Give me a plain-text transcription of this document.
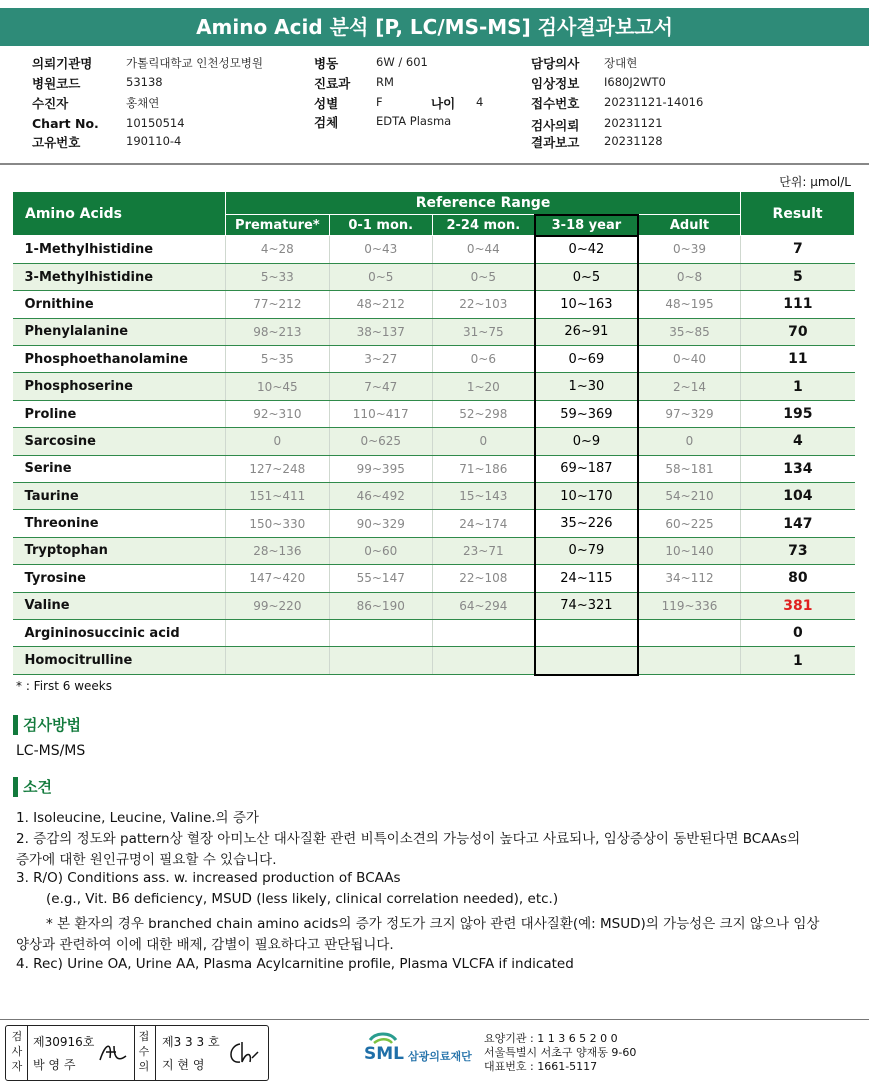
Amino Acid 분석 [P, LC/MS-MS] 검사결과보고서
의뢰기관명	가톨릭대학교 인천성모병원
병원코드	53138
수진자	홍채연
Chart No. 10150514
고유번호	190110-4
병동	6W / 601
진료과 RM
성별	F	나이 4
검체	EDTA Plasma
담당의사 장대현
임상정보 I680J2WT0
접수번호 20231121-14016
검사의뢰 20231121
결과보고 20231128
단위: µmol/L
Amino Acids	Reference Range					Result
	Premature*	0-1 mon.	2-24 mon.	3-18 year	Adult	
1-Methylhistidine	4~28	0~43	0~44	0~42	0~39	7
3-Methylhistidine	5~33	0~5	0~5	0~5	0~8	5
Ornithine	77~212	48~212	22~103	10~163	48~195	111
Phenylalanine	98~213	38~137	31~75	26~91	35~85	70
Phosphoethanolamine	5~35	3~27	0~6	0~69	0~40	11
Phosphoserine	10~45	7~47	1~20	1~30	2~14	1
Proline	92~310	110~417	52~298	59~369	97~329	195
Sarcosine	0	0~625	0	0~9	0	4
Serine	127~248	99~395	71~186	69~187	58~181	134
Taurine	151~411	46~492	15~143	10~170	54~210	104
Threonine	150~330	90~329	24~174	35~226	60~225	147
Tryptophan	28~136	0~60	23~71	0~79	10~140	73
Tyrosine	147~420	55~147	22~108	24~115	34~112	80
Valine	99~220	86~190	64~294	74~321	119~336	381
Argininosuccinic acid						0
Homocitrulline						1
* : First 6 weeks
검사방법
LC-MS/MS
소견
1. Isoleucine, Leucine, Valine.의 증가
2. 증감의 정도와 pattern상 혈장 아미노산 대사질환 관련 비특이소견의 가능성이 높다고 사료되나, 임상증상이 동반된다면 BCAAs의
증가에 대한 원인규명이 필요할 수 있습니다.
3. R/O) Conditions ass. w. increased production of BCAAs
(e.g., Vit. B6 deficiency, MSUD (less likely, clinical correlation needed), etc.)
* 본 환자의 경우 branched chain amino acids의 증가 정도가 크지 않아 관련 대사질환(예: MSUD)의 가능성은 크지 않으나 임상
양상과 관련하여 이에 대한 배제, 감별이 필요하다고 판단됩니다.
4. Rec) Urine OA, Urine AA, Plasma Acylcarnitine profile, Plasma VLCFA if indicated
검사자
제30916호
박 영 주
접수의
제3 3 3 호
지 현 영
SML 삼광의료재단
요양기관 : 1 1 3 6 5 2 0 0
서울특별시 서초구 양재동 9-60
대표번호 : 1661-5117
